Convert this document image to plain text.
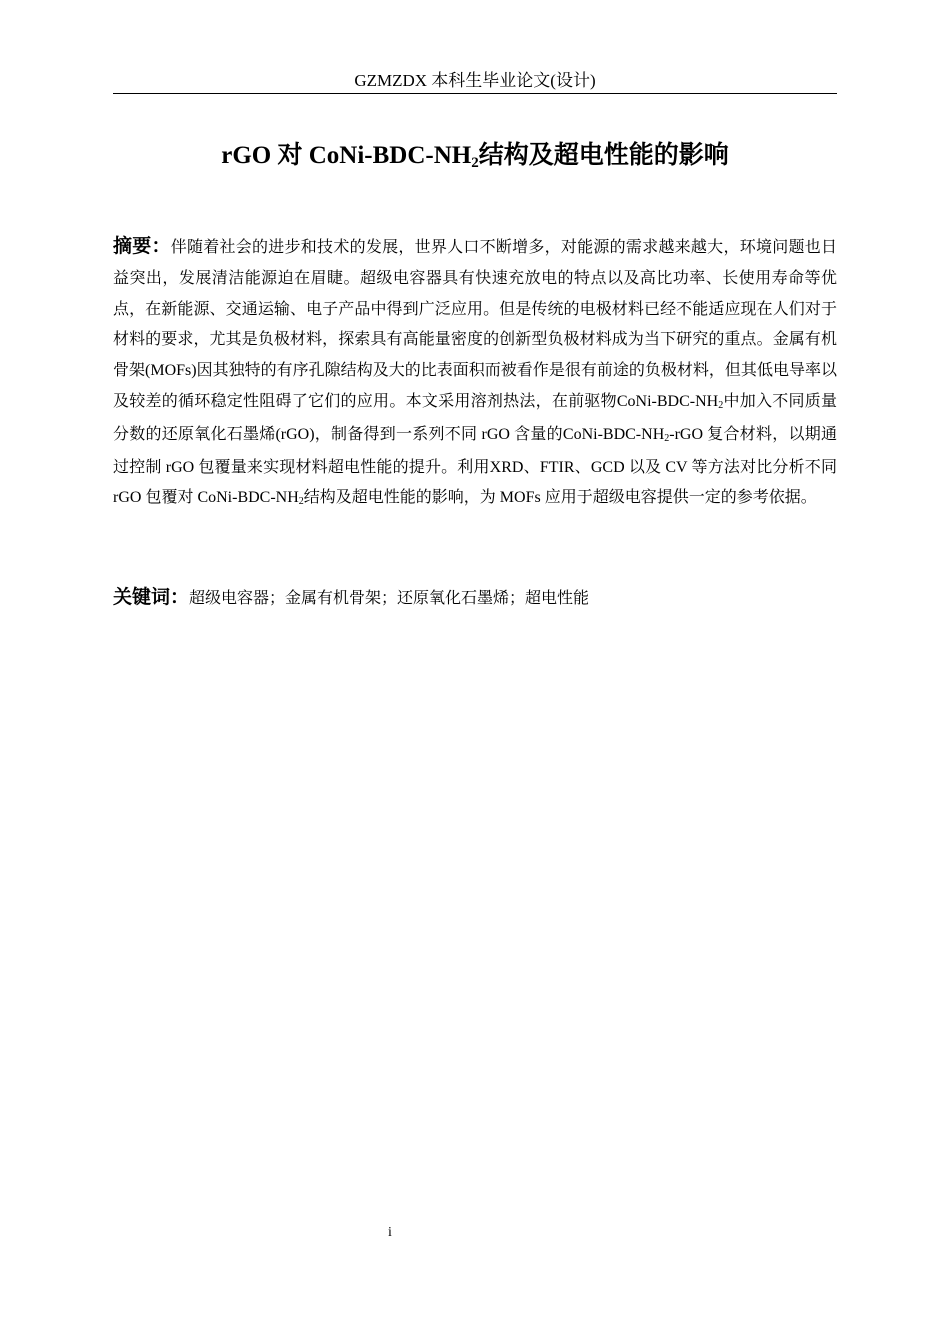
GZMZDX 本科生毕业论文(设计)
rGO 对 CoNi-$BDC-NH_2$结构及超电性能的影响
摘要：伴随着社会的进步和技术的发展，世界人口不断增多，对能源的需求越来越大，环境问题也日益突出，发展清洁能源迫在眉睫。超级电容器具有快速充放电的特点以及高比功率、长使用寿命等优点，在新能源、交通运输、电子产品中得到广泛应用。但是传统的电极材料已经不能适应现在人们对于材料的要求，尤其是负极材料，探索具有高能量密度的创新型负极材料成为当下研究的重点。金属有机骨架(MOFs)因其独特的有序孔隙结构及大的比表面积而被看作是很有前途的负极材料，但其低电导率以及较差的循环稳定性阻碍了它们的应用。本文采用溶剂热法，在前驱物CoNi-$BDC-NH_2$中加入不同质量分数的还原氧化石墨烯(rGO)，制备得到一系列不同 rGO 含量的CoNi-$BDC-NH_2$-rGO 复合材料，以期通过控制 rGO 包覆量来实现材料超电性能的提升。利用XRD、FTIR、GCD 以及 CV 等方法对比分析不同 rGO 包覆对 CoNi-$BDC-NH_2$结构及超电性能的影响，为 MOFs 应用于超级电容提供一定的参考依据。
关键词：超级电容器；金属有机骨架；还原氧化石墨烯；超电性能
i
